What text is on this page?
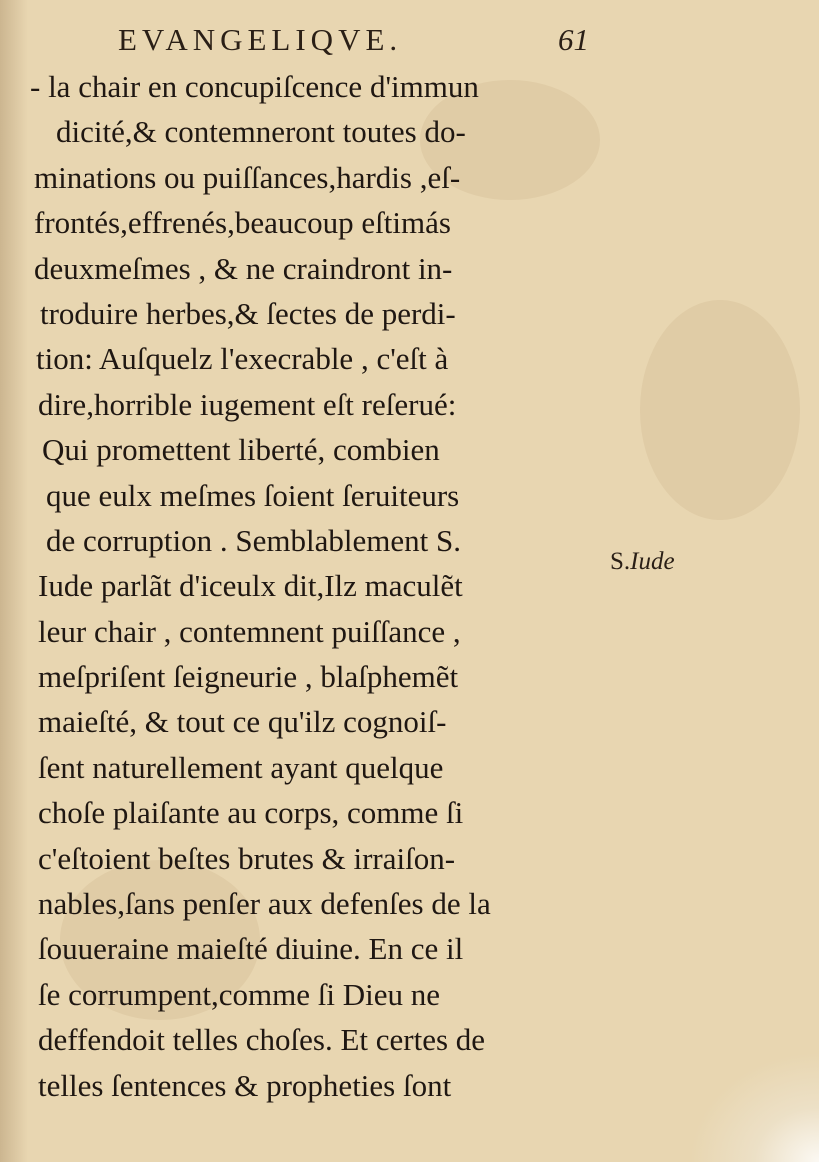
EVANGELIQVE.	61
- la chair en concupiſcence d'immun
dicité,& contemneront toutes do-
minations ou puiſſances,hardis ,eſ-
frontés,effrenés,beaucoup eſtimás
deuxmeſmes , & ne craindront in-
troduire herbes,& ſectes de perdi-
tion: Auſquelz l'execrable , c'eſt à
dire,horrible iugement eſt reſerué:
Qui promettent liberté, combien
que eulx meſmes ſoient ſeruiteurs
de corruption . Semblablement S.
Iude parlãt d'iceulx dit,Ilz maculẽt
leur chair , contemnent puiſſance ,
meſpriſent ſeigneurie , blaſphemẽt
maieſté, & tout ce qu'ilz cognoiſ-
ſent naturellement ayant quelque
choſe plaiſante au corps, comme ſi
c'eſtoient beſtes brutes & irraiſon-
nables,ſans penſer aux defenſes de la
ſouueraine maieſté diuine. En ce il
ſe corrumpent,comme ſi Dieu ne
deffendoit telles choſes. Et certes de
telles ſentences & propheties ſont
S.Iude
